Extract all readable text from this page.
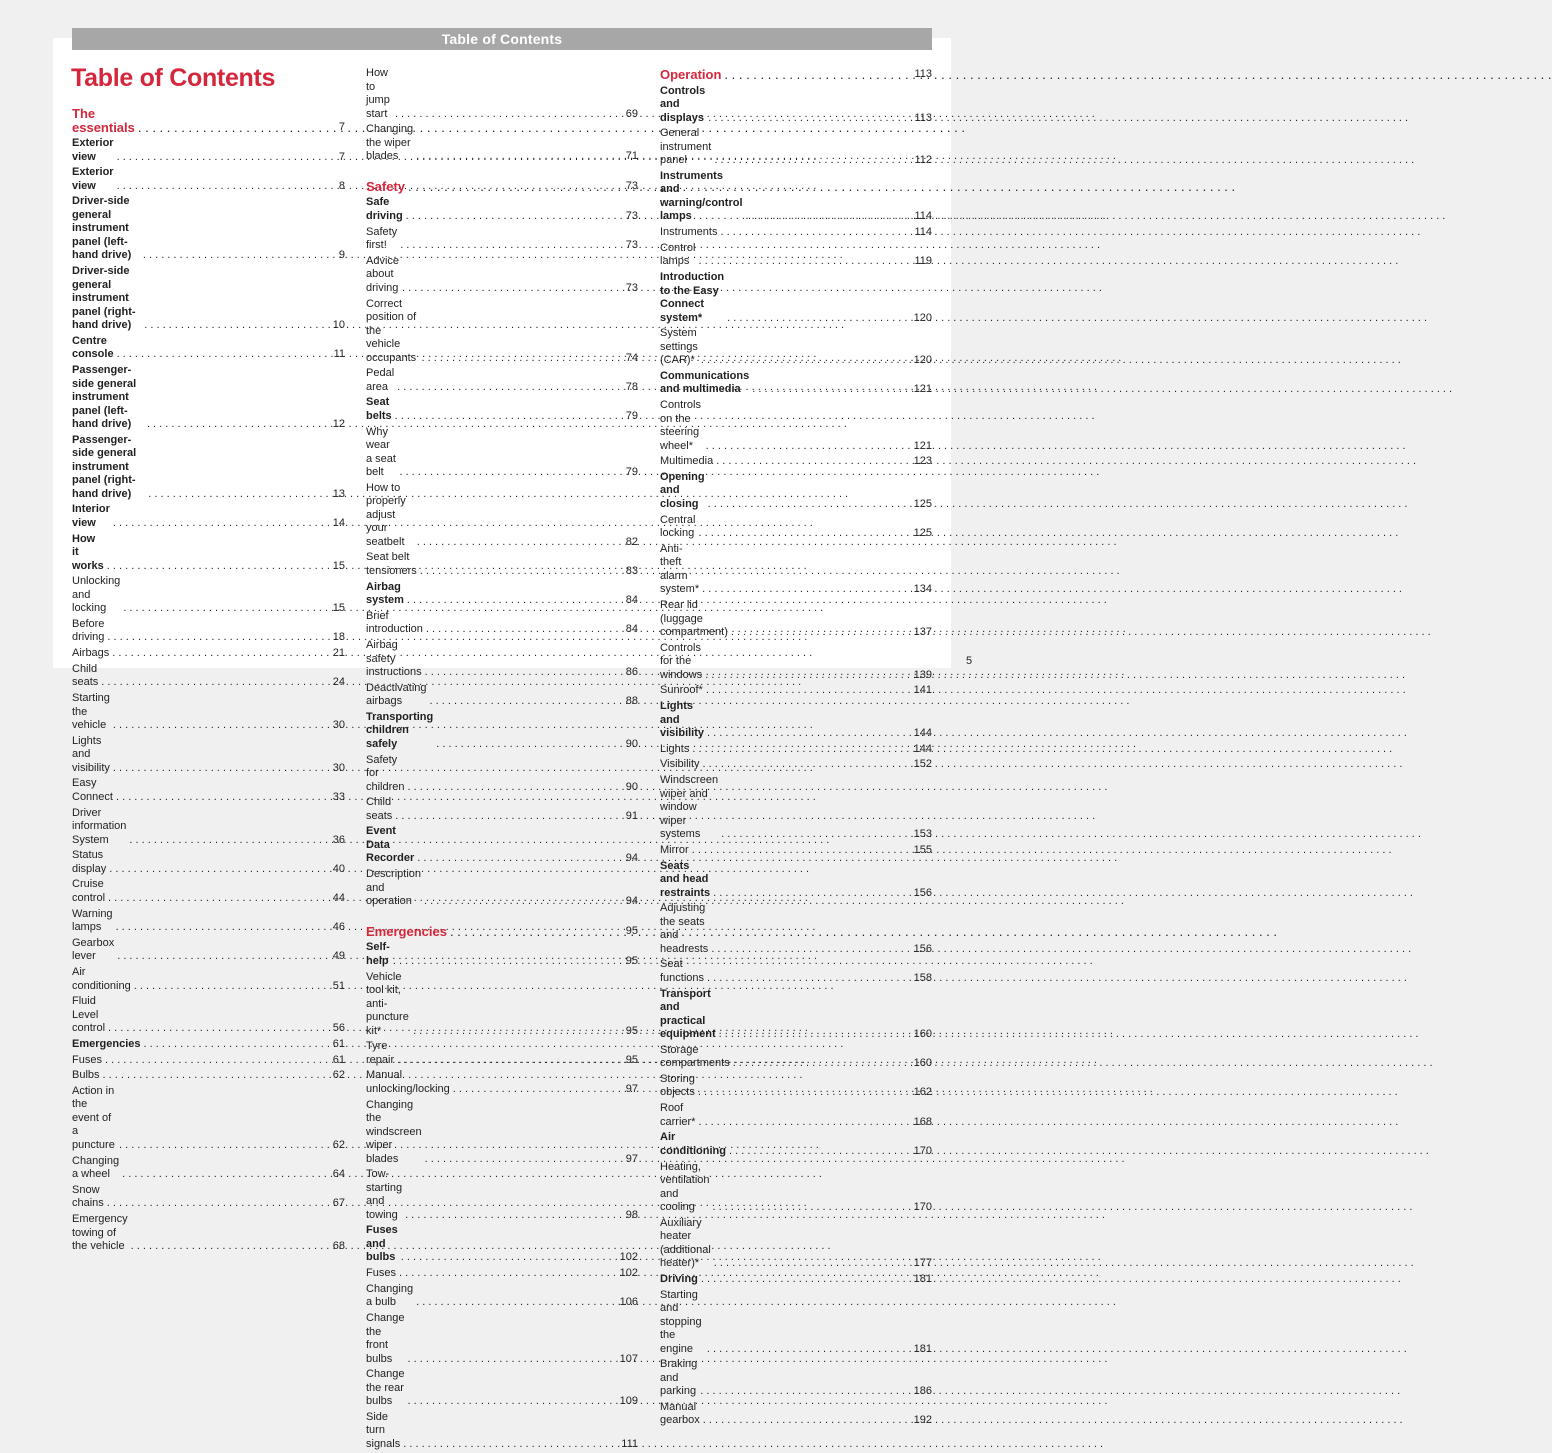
Table of Contents
Table of Contents
The essentials . . .	7
Exterior view . . .	7
Exterior view . . .	8
Driver-side general instrument panel (left-hand drive) . . .	9
Driver-side general instrument panel (right-hand drive) . . .	10
Centre console . . .	11
Passenger-side general instrument panel (left-hand drive) . . .	12
Passenger-side general instrument panel (right-hand drive) . . .	13
Interior view . . .	14
How it works . . .	15
Unlocking and locking . . .	15
Before driving . . .	18
Airbags . . .	21
Child seats . . .	24
Starting the vehicle . . .	30
Lights and visibility . . .	30
Easy Connect . . .	33
Driver information System . . .	36
Status display . . .	40
Cruise control . . .	44
Warning lamps . . .	46
Gearbox lever . . .	49
Air conditioning . . .	51
Fluid Level control . . .	56
Emergencies . . .	61
Fuses . . .	61
Bulbs . . .	62
Action in the event of a puncture . . .	62
Changing a wheel . . .	64
Snow chains . . .	67
Emergency towing of the vehicle . . .	68
How to jump start . . .	69
Changing the wiper blades . . .	71
Safety . . .	73
Safe driving . . .	73
Safety first! . . .	73
Advice about driving . . .	73
Correct position of the vehicle occupants . . .	74
Pedal area . . .	78
Seat belts . . .	79
Why wear a seat belt . . .	79
How to properly adjust your seatbelt . . .	82
Seat belt tensioners . . .	83
Airbag system . . .	84
Brief introduction . . .	84
Airbag safety instructions . . .	86
Deactivating airbags . . .	88
Transporting children safely . . .	90
Safety for children . . .	90
Child seats . . .	91
Event Data Recorder . . .	94
Description and operation . . .	94
Emergencies . . .	95
Self-help . . .	95
Vehicle tool kit, anti-puncture kit* . . .	95
Tyre repair . . .	95
Manual unlocking/locking . . .	97
Changing the windscreen wiper blades . . .	97
Tow-starting and towing . . .	98
Fuses and bulbs . . .	102
Fuses . . .	102
Changing a bulb . . .	106
Change the front bulbs . . .	107
Change the rear bulbs . . .	109
Side turn signals . . .	111
Operation . . .	113
Controls and displays . . .	113
General instrument panel . . .	112
Instruments and warning/control lamps . . .	114
Instruments . . .	114
Control lamps . . .	119
Introduction to the Easy Connect system* . . .	120
System settings (CAR)* . . .	120
Communications and multimedia . . .	121
Controls on the steering wheel* . . .	121
Multimedia . . .	123
Opening and closing . . .	125
Central locking . . .	125
Anti-theft alarm system* . . .	134
Rear lid (luggage compartment) . . .	137
Controls for the windows . . .	139
Sunroof* . . .	141
Lights and visibility . . .	144
Lights . . .	144
Visibility . . .	152
Windscreen wiper and window wiper systems . . .	153
Mirror . . .	155
Seats and head restraints . . .	156
Adjusting the seats and headrests . . .	156
Seat functions . . .	158
Transport and practical equipment . . .	160
Storage compartments . . .	160
Storing objects . . .	162
Roof carrier* . . .	168
Air conditioning . . .	170
Heating, ventilation and cooling . . .	170
Auxiliary heater (additional heater)* . . .	177
Driving . . .	181
Starting and stopping the engine . . .	181
Braking and parking . . .	186
Manual gearbox . . .	192
5
